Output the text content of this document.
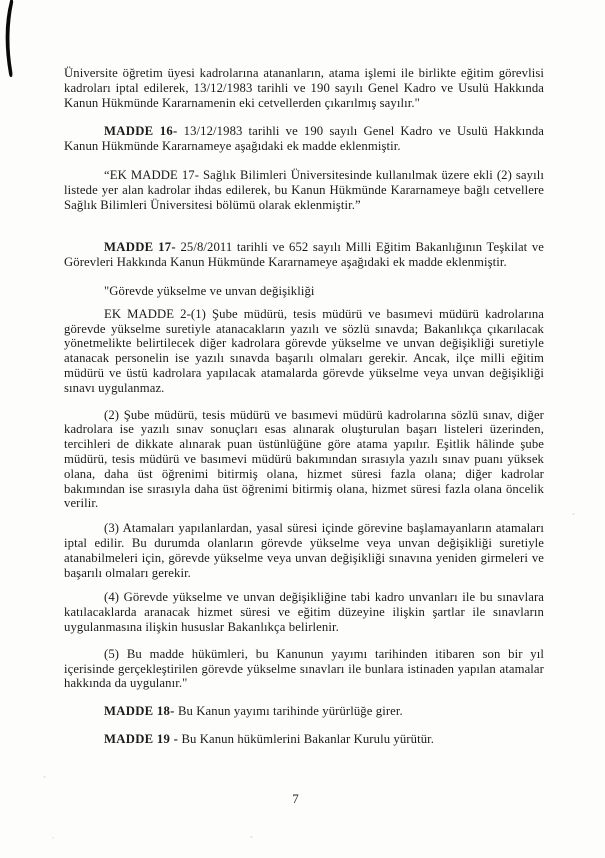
Üniversite öğretim üyesi kadrolarına atananların, atama işlemi ile birlikte eğitim görevlisi kadroları iptal edilerek, 13/12/1983 tarihli ve 190 sayılı Genel Kadro ve Usulü Hakkında Kanun Hükmünde Kararnamenin eki cetvellerden çıkarılmış sayılır."

MADDE 16- 13/12/1983 tarihli ve 190 sayılı Genel Kadro ve Usulü Hakkında Kanun Hükmünde Kararnameye aşağıdaki ek madde eklenmiştir.

“EK MADDE 17- Sağlık Bilimleri Üniversitesinde kullanılmak üzere ekli (2) sayılı listede yer alan kadrolar ihdas edilerek, bu Kanun Hükmünde Kararnameye bağlı cetvellere Sağlık Bilimleri Üniversitesi bölümü olarak eklenmiştir.”

MADDE 17- 25/8/2011 tarihli ve 652 sayılı Milli Eğitim Bakanlığının Teşkilat ve Görevleri Hakkında Kanun Hükmünde Kararnameye aşağıdaki ek madde eklenmiştir.

"Görevde yükselme ve unvan değişikliği

EK MADDE 2-(1) Şube müdürü, tesis müdürü ve basımevi müdürü kadrolarına görevde yükselme suretiyle atanacakların yazılı ve sözlü sınavda; Bakanlıkça çıkarılacak yönetmelikte belirtilecek diğer kadrolara görevde yükselme ve unvan değişikliği suretiyle atanacak personelin ise yazılı sınavda başarılı olmaları gerekir. Ancak, ilçe milli eğitim müdürü ve üstü kadrolara yapılacak atamalarda görevde yükselme veya unvan değişikliği sınavı uygulanmaz.

(2) Şube müdürü, tesis müdürü ve basımevi müdürü kadrolarına sözlü sınav, diğer kadrolara ise yazılı sınav sonuçları esas alınarak oluşturulan başarı listeleri üzerinden, tercihleri de dikkate alınarak puan üstünlüğüne göre atama yapılır. Eşitlik hâlinde şube müdürü, tesis müdürü ve basımevi müdürü bakımından sırasıyla yazılı sınav puanı yüksek olana, daha üst öğrenimi bitirmiş olana, hizmet süresi fazla olana; diğer kadrolar bakımından ise sırasıyla daha üst öğrenimi bitirmiş olana, hizmet süresi fazla olana öncelik verilir.

(3) Atamaları yapılanlardan, yasal süresi içinde görevine başlamayanların atamaları iptal edilir. Bu durumda olanların görevde yükselme veya unvan değişikliği suretiyle atanabilmeleri için, görevde yükselme veya unvan değişikliği sınavına yeniden girmeleri ve başarılı olmaları gerekir.

(4) Görevde yükselme ve unvan değişikliğine tabi kadro unvanları ile bu sınavlara katılacaklarda aranacak hizmet süresi ve eğitim düzeyine ilişkin şartlar ile sınavların uygulanmasına ilişkin hususlar Bakanlıkça belirlenir.

(5) Bu madde hükümleri, bu Kanunun yayımı tarihinden itibaren son bir yıl içerisinde gerçekleştirilen görevde yükselme sınavları ile bunlara istinaden yapılan atamalar hakkında da uygulanır."

MADDE 18- Bu Kanun yayımı tarihinde yürürlüğe girer.

MADDE 19 - Bu Kanun hükümlerini Bakanlar Kurulu yürütür.

7
